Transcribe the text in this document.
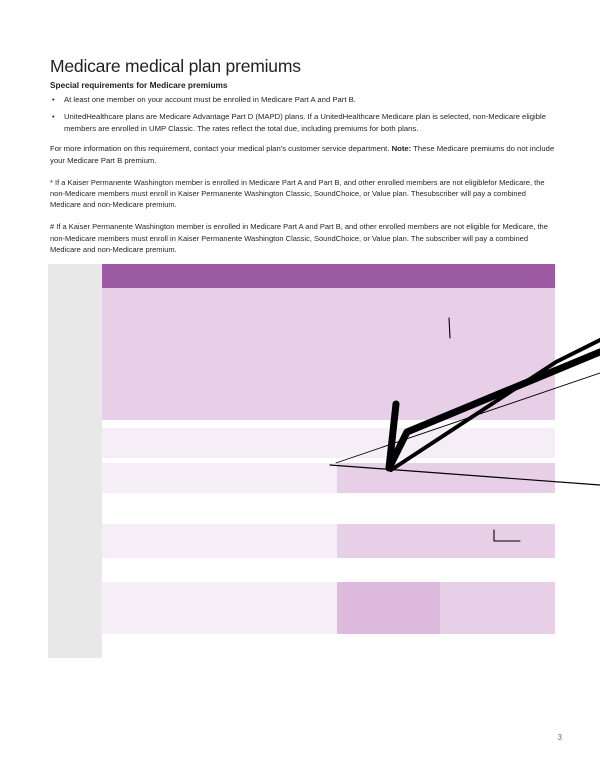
Medicare medical plan premiums
Special requirements for Medicare premiums
• At least one member on your account must be enrolled in Medicare Part A and Part B.
• UnitedHealthcare plans are Medicare Advantage Part D (MAPD) plans. If a UnitedHealthcare Medicare plan is selected, non-Medicare eligible members are enrolled in UMP Classic. The rates reflect the total due, including premiums for both plans.

For more information on this requirement, contact your medical plan's customer service department. Note: These Medicare premiums do not include your Medicare Part B premium.

* If a Kaiser Permanente Washington member is enrolled in Medicare Part A and Part B, and other enrolled members are not eligiblefor Medicare, the non-Medicare members must enroll in Kaiser Permanente Washington Classic, SoundChoice, or Value plan. Thesubscriber will pay a combined Medicare and non-Medicare premium.

# If a Kaiser Permanente Washington member is enrolled in Medicare Part A and Part B, and other enrolled members are not eligible for Medicare, the non-Medicare members must enroll in Kaiser Permanente Washington Classic, SoundChoice, or Value plan. The subscriber will pay a combined Medicare and non-Medicare premium.

3
